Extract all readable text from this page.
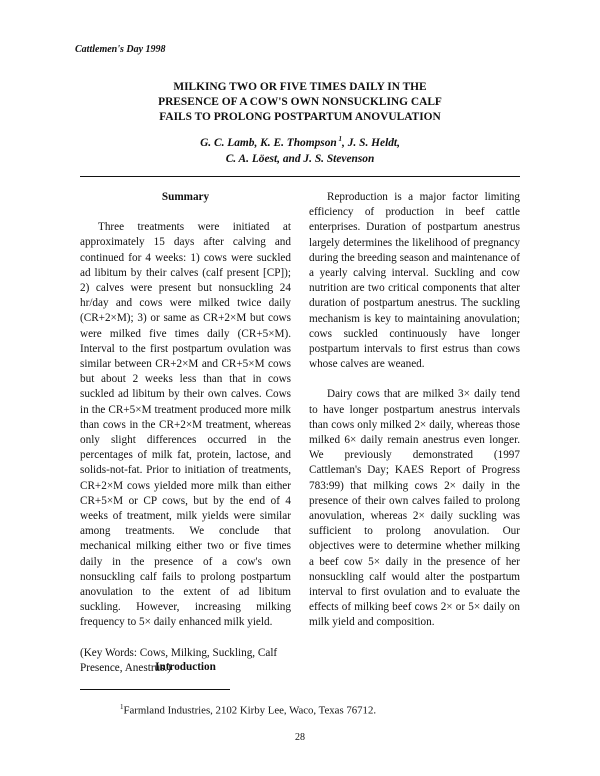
Cattlemen's Day 1998
MILKING TWO OR FIVE TIMES DAILY IN THE
PRESENCE OF A COW'S OWN NONSUCKLING CALF
FAILS TO PROLONG POSTPARTUM ANOVULATION
G. C. Lamb, K. E. Thompson $^1$, J. S. Heldt,
C. A. Löest, and J. S. Stevenson
Summary

Three treatments were initiated at approximately 15 days after calving and continued for 4 weeks: 1) cows were suckled ad libitum by their calves (calf present [CP]); 2) calves were present but nonsuckling 24 hr/day and cows were milked twice daily (CR+2×M); 3) or same as CR+2×M but cows were milked five times daily (CR+5×M). Interval to the first postpartum ovulation was similar between CR+2×M and CR+5×M cows but about 2 weeks less than that in cows suckled ad libitum by their own calves. Cows in the CR+5×M treatment produced more milk than cows in the CR+2×M treatment, whereas only slight differences occurred in the percentages of milk fat, protein, lactose, and solids-not-fat. Prior to initiation of treatments, CR+2×M cows yielded more milk than either CR+5×M or CP cows, but by the end of 4 weeks of treatment, milk yields were similar among treatments. We conclude that mechanical milking either two or five times daily in the presence of a cow's own nonsuckling calf fails to prolong postpartum anovulation to the extent of ad libitum suckling. However, increasing milking frequency to 5× daily enhanced milk yield.

(Key Words: Cows, Milking, Suckling, Calf Presence, Anestrus.)

Introduction

Reproduction is a major factor limiting efficiency of production in beef cattle enterprises. Duration of postpartum anestrus largely determines the likelihood of pregnancy during the breeding season and maintenance of a yearly calving interval. Suckling and cow nutrition are two critical components that alter duration of postpartum anestrus. The suckling mechanism is key to maintaining anovulation; cows suckled continuously have longer postpartum intervals to first estrus than cows whose calves are weaned.

Dairy cows that are milked 3× daily tend to have longer postpartum anestrus intervals than cows only milked 2× daily, whereas those milked 6× daily remain anestrus even longer. We previously demonstrated (1997 Cattleman's Day; KAES Report of Progress 783:99) that milking cows 2× daily in the presence of their own calves failed to prolong anovulation, whereas 2× daily suckling was sufficient to prolong anovulation. Our objectives were to determine whether milking a beef cow 5× daily in the presence of her nonsuckling calf would alter the postpartum interval to first ovulation and to evaluate the effects of milking beef cows 2× or 5× daily on milk yield and composition.

$^1$Farmland Industries, 2102 Kirby Lee, Waco, Texas 76712.
28
